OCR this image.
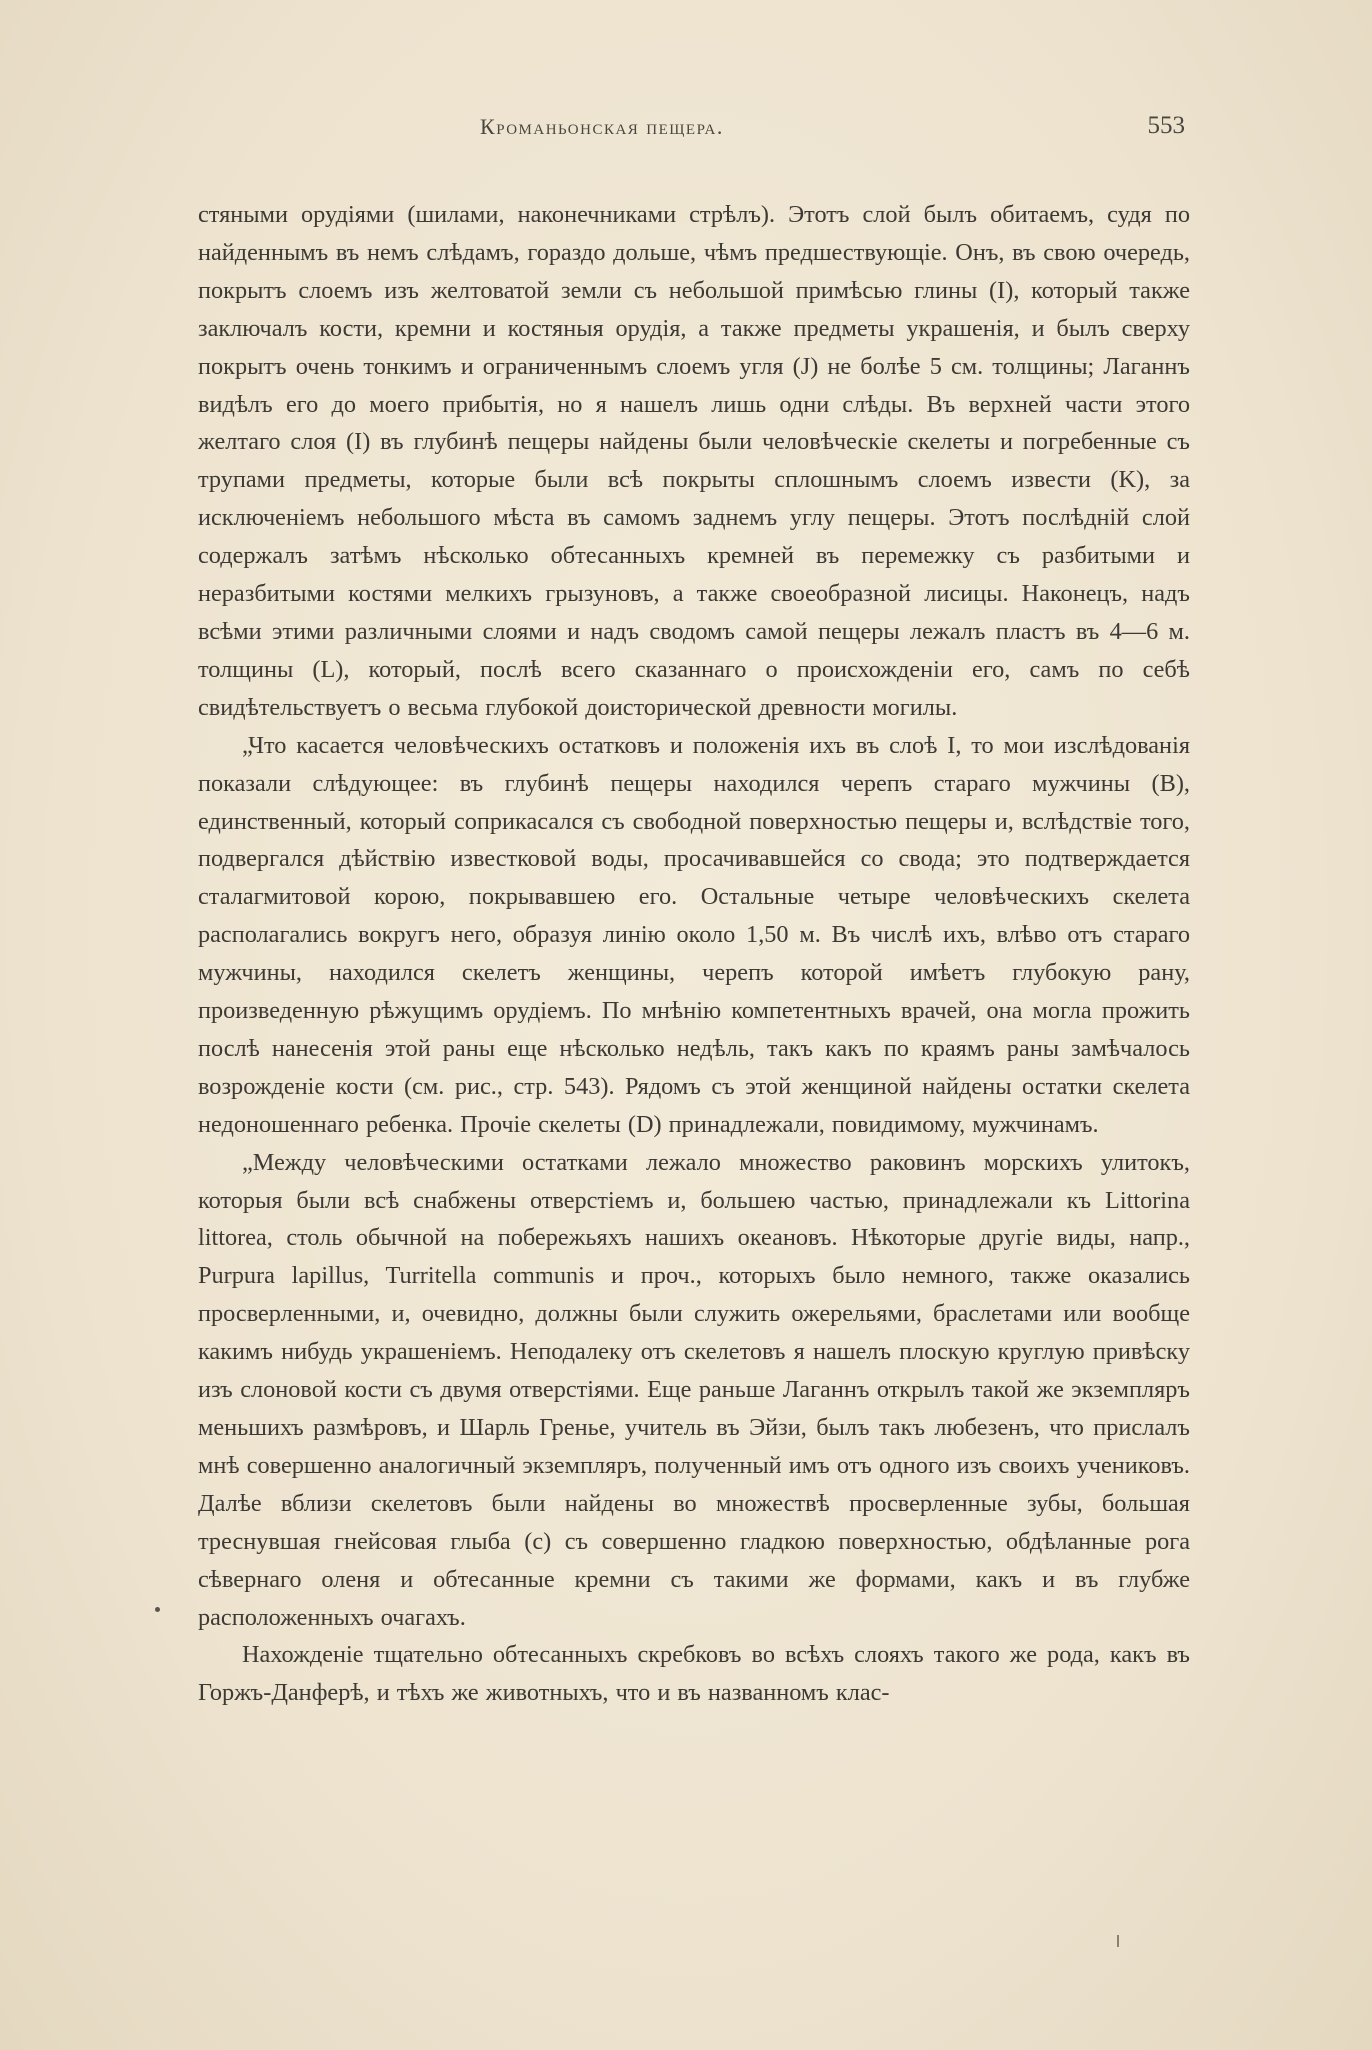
Кроманьонская пещера.	553

стяными орудіями (шилами, наконечниками стрѣлъ). Этотъ слой былъ обитаемъ, судя по найденнымъ въ немъ слѣдамъ, гораздо дольше, чѣмъ предшествующіе. Онъ, въ свою очередь, покрытъ слоемъ изъ желтоватой земли съ небольшой примѣсью глины (I), который также заключалъ кости, кремни и костяныя орудія, а также предметы украшенія, и былъ сверху покрытъ очень тонкимъ и ограниченнымъ слоемъ угля (J) не болѣе 5 см. толщины; Лаганнъ видѣлъ его до моего прибытія, но я нашелъ лишь одни слѣды. Въ верхней части этого желтаго слоя (I) въ глубинѣ пещеры найдены были человѣческіе скелеты и погребенные съ трупами предметы, которые были всѣ покрыты сплошнымъ слоемъ извести (K), за исключеніемъ небольшого мѣста въ самомъ заднемъ углу пещеры. Этотъ послѣдній слой содержалъ затѣмъ нѣсколько обтесанныхъ кремней въ перемежку съ разбитыми и неразбитыми костями мелкихъ грызуновъ, а также своеобразной лисицы. Наконецъ, надъ всѣми этими различными слоями и надъ сводомъ самой пещеры лежалъ пластъ въ 4—6 м. толщины (L), который, послѣ всего сказаннаго о происхожденіи его, самъ по себѣ свидѣтельствуетъ о весьма глубокой доисторической древности могилы.

„Что касается человѣческихъ остатковъ и положенія ихъ въ слоѣ I, то мои изслѣдованія показали слѣдующее: въ глубинѣ пещеры находился черепъ стараго мужчины (B), единственный, который соприкасался съ свободной поверхностью пещеры и, вслѣдствіе того, подвергался дѣйствію известковой воды, просачивавшейся со свода; это подтверждается сталагмитовой корою, покрывавшею его. Остальные четыре человѣческихъ скелета располагались вокругъ него, образуя линію около 1,50 м. Въ числѣ ихъ, влѣво отъ стараго мужчины, находился скелетъ женщины, черепъ которой имѣетъ глубокую рану, произведенную рѣжущимъ орудіемъ. По мнѣнію компетентныхъ врачей, она могла прожить послѣ нанесенія этой раны еще нѣсколько недѣль, такъ какъ по краямъ раны замѣчалось возрожденіе кости (см. рис., стр. 543). Рядомъ съ этой женщиной найдены остатки скелета недоношеннаго ребенка. Прочіе скелеты (D) принадлежали, повидимому, мужчинамъ.

„Между человѣческими остатками лежало множество раковинъ морскихъ улитокъ, которыя были всѣ снабжены отверстіемъ и, большею частью, принадлежали къ Littorina littorea, столь обычной на побережьяхъ нашихъ океановъ. Нѣкоторые другіе виды, напр., Purpura lapillus, Turritella communis и проч., которыхъ было немного, также оказались просверленными, и, очевидно, должны были служить ожерельями, браслетами или вообще какимъ нибудь украшеніемъ. Неподалеку отъ скелетовъ я нашелъ плоскую круглую привѣску изъ слоновой кости съ двумя отверстіями. Еще раньше Лаганнъ открылъ такой же экземпляръ меньшихъ размѣровъ, и Шарль Гренье, учитель въ Эйзи, былъ такъ любезенъ, что прислалъ мнѣ совершенно аналогичный экземпляръ, полученный имъ отъ одного изъ своихъ учениковъ. Далѣе вблизи скелетовъ были найдены во множествѣ просверленные зубы, большая треснувшая гнейсовая глыба (c) съ совершенно гладкою поверхностью, обдѣланные рога сѣвернаго оленя и обтесанные кремни съ такими же формами, какъ и въ глубже расположенныхъ очагахъ.

Нахожденіе тщательно обтесанныхъ скребковъ во всѣхъ слояхъ такого же рода, какъ въ Горжъ-Данферѣ, и тѣхъ же животныхъ, что и въ названномъ клас-
